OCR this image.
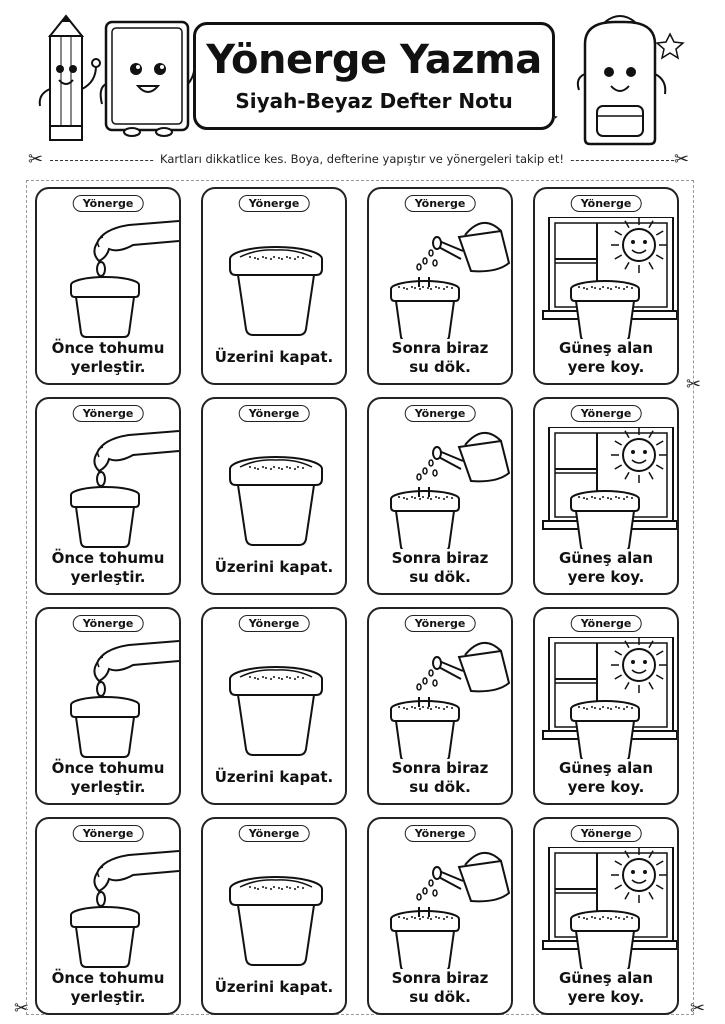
Yönerge Yazma
Siyah-Beyaz Defter Notu
Kartları dikkatlice kes. Boya, defterine yapıştır ve yönergeleri takip et!
✂	✂
✂
✂	✂
Yönerge
Önce tohumu
yerleştir.
Yönerge
Üzerini kapat.
Yönerge
Sonra biraz
su dök.
Yönerge
Güneş alan
yere koy.
Yönerge
Önce tohumu
yerleştir.
Yönerge
Üzerini kapat.
Yönerge
Sonra biraz
su dök.
Yönerge
Güneş alan
yere koy.
Yönerge
Önce tohumu
yerleştir.
Yönerge
Üzerini kapat.
Yönerge
Sonra biraz
su dök.
Yönerge
Güneş alan
yere koy.
Yönerge
Önce tohumu
yerleştir.
Yönerge
Üzerini kapat.
Yönerge
Sonra biraz
su dök.
Yönerge
Güneş alan
yere koy.
